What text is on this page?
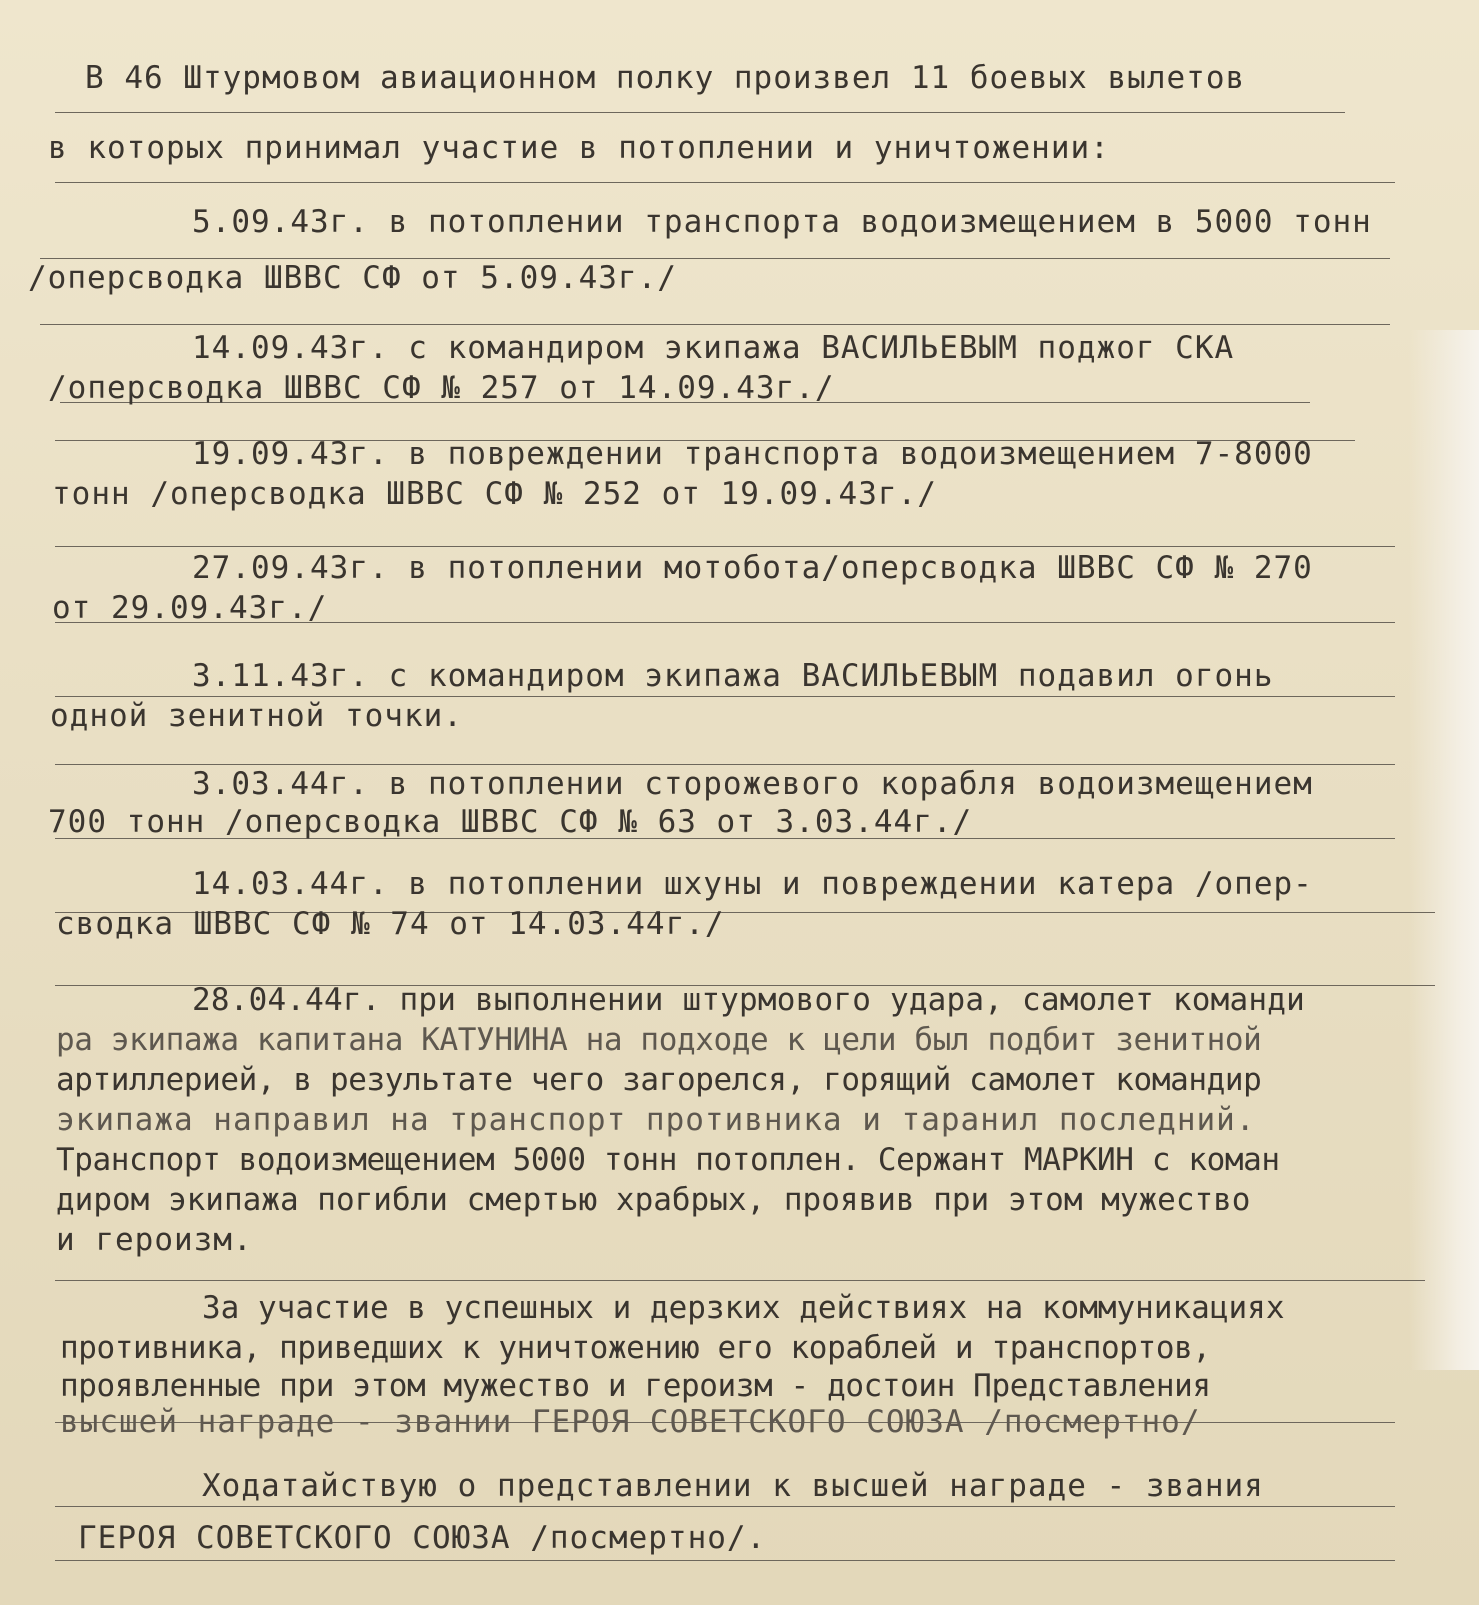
В 46 Штурмовом авиационном полку произвел 11 боевых вылетов

в которых принимал участие в потоплении и уничтожении:

5.09.43г. в потоплении транспорта водоизмещением в 5000 тонн

/оперсводка ШВВС СФ от 5.09.43г./

14.09.43г. с командиром экипажа ВАСИЛЬЕВЫМ поджог СКА

/оперсводка ШВВС СФ № 257 от 14.09.43г./

19.09.43г. в повреждении транспорта водоизмещением 7-8000

тонн /оперсводка ШВВС СФ № 252 от 19.09.43г./

27.09.43г. в потоплении мотобота/оперсводка ШВВС СФ № 270

от 29.09.43г./

3.11.43г. с командиром экипажа ВАСИЛЬЕВЫМ подавил огонь

одной зенитной точки.

3.03.44г. в потоплении сторожевого корабля водоизмещением

700 тонн /оперсводка ШВВС СФ № 63 от 3.03.44г./

14.03.44г. в потоплении шхуны и повреждении катера /опер-

сводка ШВВС СФ № 74 от 14.03.44г./

28.04.44г. при выполнении штурмового удара, самолет команди

ра экипажа капитана КАТУНИНА на подходе к цели был подбит зенитной

артиллерией, в результате чего загорелся, горящий самолет командир

экипажа направил на транспорт противника и таранил последний.

Транспорт водоизмещением 5000 тонн потоплен. Сержант МАРКИН с коман

диром экипажа погибли смертью храбрых, проявив при этом мужество

и героизм.

За участие в успешных и дерзких действиях на коммуникациях

противника, приведших к уничтожению его кораблей и транспортов,

проявленные при этом мужество и героизм - достоин Представления

высшей награде - звании ГЕРОЯ СОВЕТСКОГО СОЮЗА /посмертно/

Ходатайствую о представлении к высшей награде - звания

ГЕРОЯ СОВЕТСКОГО СОЮЗА /посмертно/.
